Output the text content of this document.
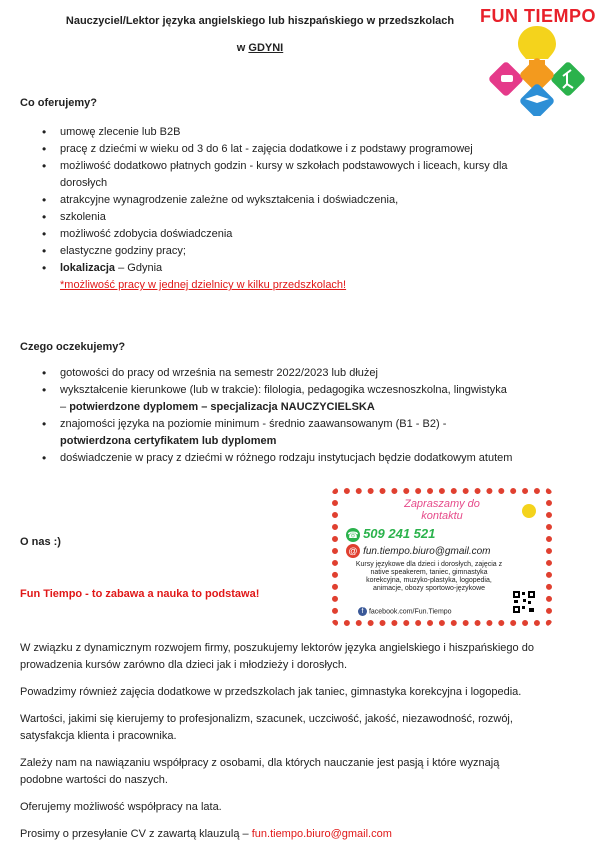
Nauczyciel/Lektor języka angielskiego lub hiszpańskiego w przedszkolach
w GDYNI
FUN TIEMPO
Co oferujemy?
• umowę zlecenie lub B2B
• pracę z dziećmi w wieku od 3 do 6 lat - zajęcia dodatkowe i z podstawy programowej
• możliwość dodatkowo płatnych godzin - kursy w szkołach podstawowych i liceach, kursy dla dorosłych
• atrakcyjne wynagrodzenie zależne od wykształcenia i doświadczenia,
• szkolenia
• możliwość zdobycia doświadczenia
• elastyczne godziny pracy;
• lokalizacja – Gdynia
*możliwość pracy w jednej dzielnicy w kilku przedszkolach!
Czego oczekujemy?
• gotowości do pracy od września na semestr 2022/2023 lub dłużej
• wykształcenie kierunkowe (lub w trakcie): filologia, pedagogika wczesnoszkolna, lingwistyka – potwierdzone dyplomem – specjalizacja NAUCZYCIELSKA
• znajomości języka na poziomie minimum - średnio zaawansowanym (B1 - B2) - potwierdzona certyfikatem lub dyplomem
• doświadczenie w pracy z dziećmi w różnego rodzaju instytucjach będzie dodatkowym atutem
O nas :)
Fun Tiempo - to zabawa a nauka to podstawa!
Zapraszamy do
kontaktu
☎ 509 241 521
@ fun.tiempo.biuro@gmail.com
Kursy językowe dla dzieci i dorosłych, zajęcia z native speakerem, taniec, gimnastyka korekcyjna, muzyko-plastyka, logopedia, animacje, obozy sportowo-językowe
f facebook.com/Fun.Tiempo

W związku z dynamicznym rozwojem firmy, poszukujemy lektorów języka angielskiego i hiszpańskiego do prowadzenia kursów zarówno dla dzieci jak i młodzieży i dorosłych.

Powadzimy również zajęcia dodatkowe w przedszkolach jak taniec, gimnastyka korekcyjna i logopedia.

Wartości, jakimi się kierujemy to profesjonalizm, szacunek, uczciwość, jakość, niezawodność, rozwój, satysfakcja klienta i pracownika.

Zależy nam na nawiązaniu współpracy z osobami, dla których nauczanie jest pasją i które wyznają podobne wartości do naszych.

Oferujemy możliwość współpracy na lata.

Prosimy o przesyłanie CV z zawartą klauzulą – fun.tiempo.biuro@gmail.com
